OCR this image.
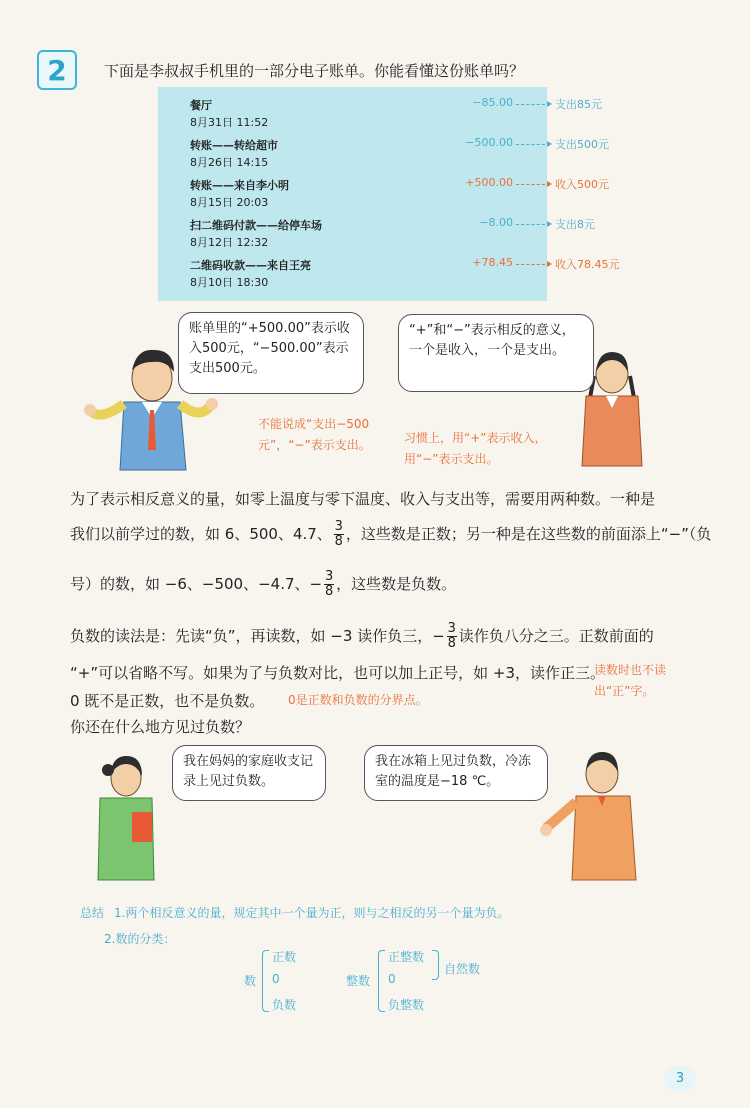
2 下面是李叔叔手机里的一部分电子账单。你能看懂这份账单吗？
餐厅
8月31日 11:52
−85.00	支出85元
转账——转给超市
8月26日 14:15
−500.00	支出500元
转账——来自李小明
8月15日 20:03
+500.00	收入500元
扫二维码付款——给停车场
8月12日 12:32
−8.00	支出8元
二维码收款——来自王亮
8月10日 18:30
+78.45	收入78.45元
账单里的“+500.00”表示收入500元，“−500.00”表示支出500元。
不能说成“支出−500元”，“−”表示支出。
“+”和“−”表示相反的意义，一个是收入，一个是支出。
习惯上，用“+”表示收入，用“−”表示支出。
为了表示相反意义的量，如零上温度与零下温度、收入与支出等，需要用两种数。一种是
我们以前学过的数，如 6、500、4.7、 $\frac{3}{8}$ ，这些数是正数；另一种是在这些数的前面添上“−”（负
号）的数，如 −6、−500、−4.7、− $\frac{3}{8}$ ，这些数是负数。
负数的读法是：先读“负”，再读数，如 −3 读作负三，− $\frac{3}{8}$ 读作负八分之三。正数前面的
“+”可以省略不写。如果为了与负数对比，也可以加上正号，如 +3，读作正三。
读数时也不读出“正”字。
0 既不是正数，也不是负数。 0是正数和负数的分界点。
你还在什么地方见过负数？
我在妈妈的家庭收支记录上见过负数。
我在冰箱上见过负数，冷冻室的温度是−18 ℃。
总结 1.两个相反意义的量，规定其中一个量为正，则与之相反的另一个量为负。
2.数的分类：
数
正数
0
负数
整数
正整数
0
负整数
自然数
3
